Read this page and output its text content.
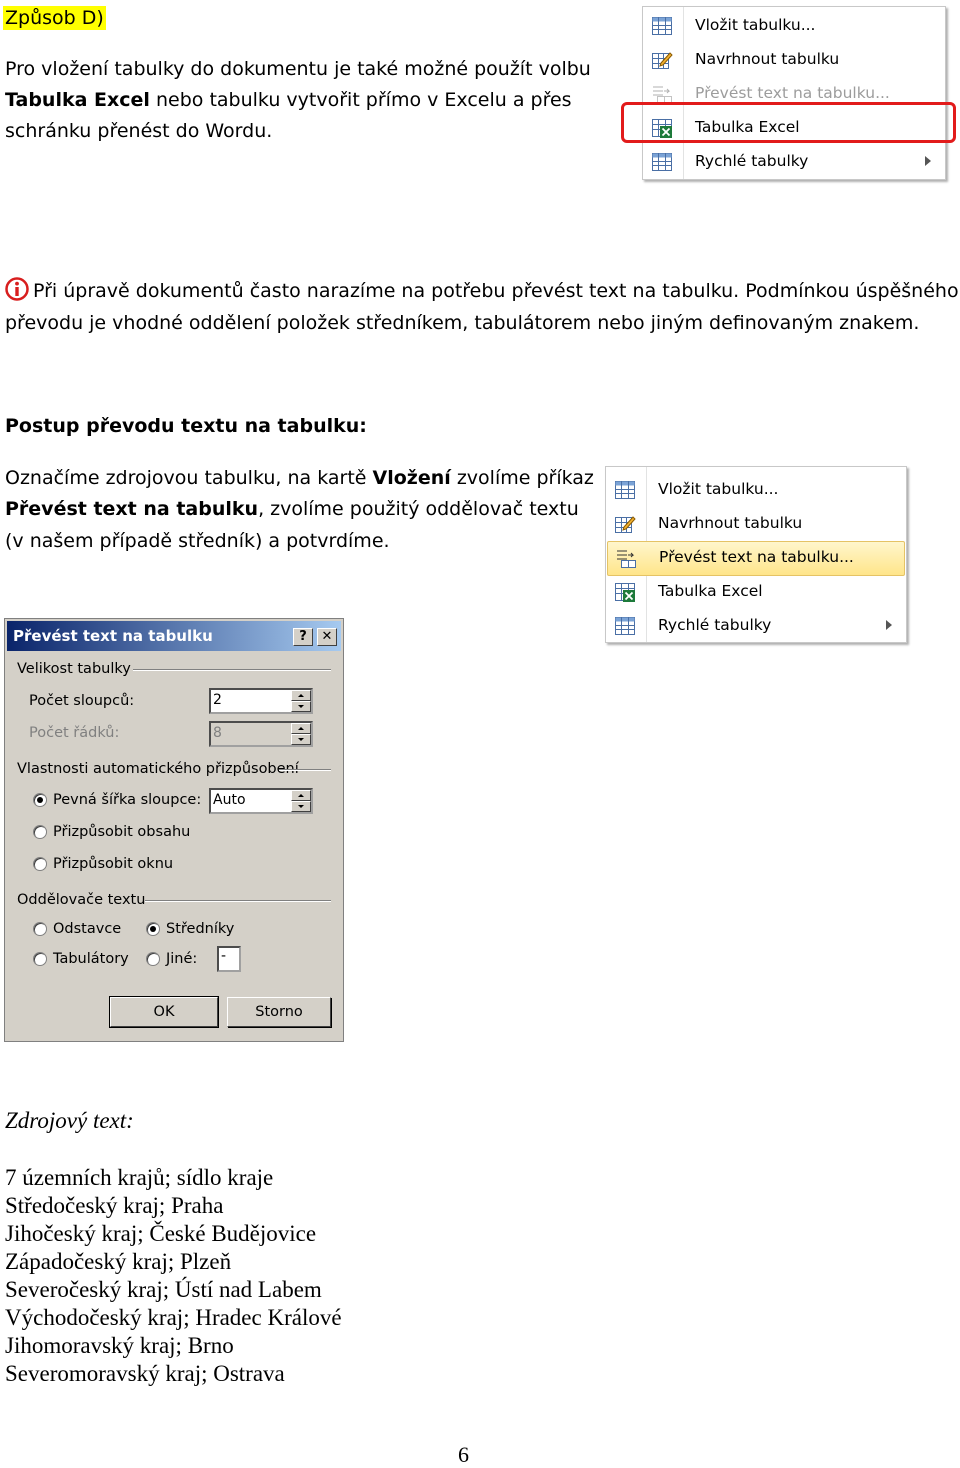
Způsob D)
Pro vložení tabulky do dokumentu je také možné použít volbu
Tabulka Excel nebo tabulku vytvořit přímo v Excelu a přes
schránku přenést do Wordu.
Vložit tabulku...
Navrhnout tabulku
Převést text na tabulku...
Tabulka Excel
Rychlé tabulky
Při úpravě dokumentů často narazíme na potřebu převést text na tabulku. Podmínkou úspěšného
převodu je vhodné oddělení položek středníkem, tabulátorem nebo jiným definovaným znakem.
Postup převodu textu na tabulku:
Označíme zdrojovou tabulku, na kartě Vložení zvolíme příkaz
Převést text na tabulku, zvolíme použitý oddělovač textu
(v našem případě středník) a potvrdíme.
Vložit tabulku...
Navrhnout tabulku
Převést text na tabulku...
Tabulka Excel
Rychlé tabulky
Převést text na tabulku	?	✕
Velikost tabulky
Počet sloupců:	2
Počet řádků:	8
Vlastnosti automatického přizpůsobení
Pevná šířka sloupce: Auto
Přizpůsobit obsahu
Přizpůsobit oknu
Oddělovače textu
Odstavce	Středníky
Tabulátory	Jiné: -
OK	Storno
Zdrojový text:
7 územních krajů; sídlo kraje
Středočeský kraj; Praha
Jihočeský kraj; České Budějovice
Západočeský kraj; Plzeň
Severočeský kraj; Ústí nad Labem
Východočeský kraj; Hradec Králové
Jihomoravský kraj; Brno
Severomoravský kraj; Ostrava
6
